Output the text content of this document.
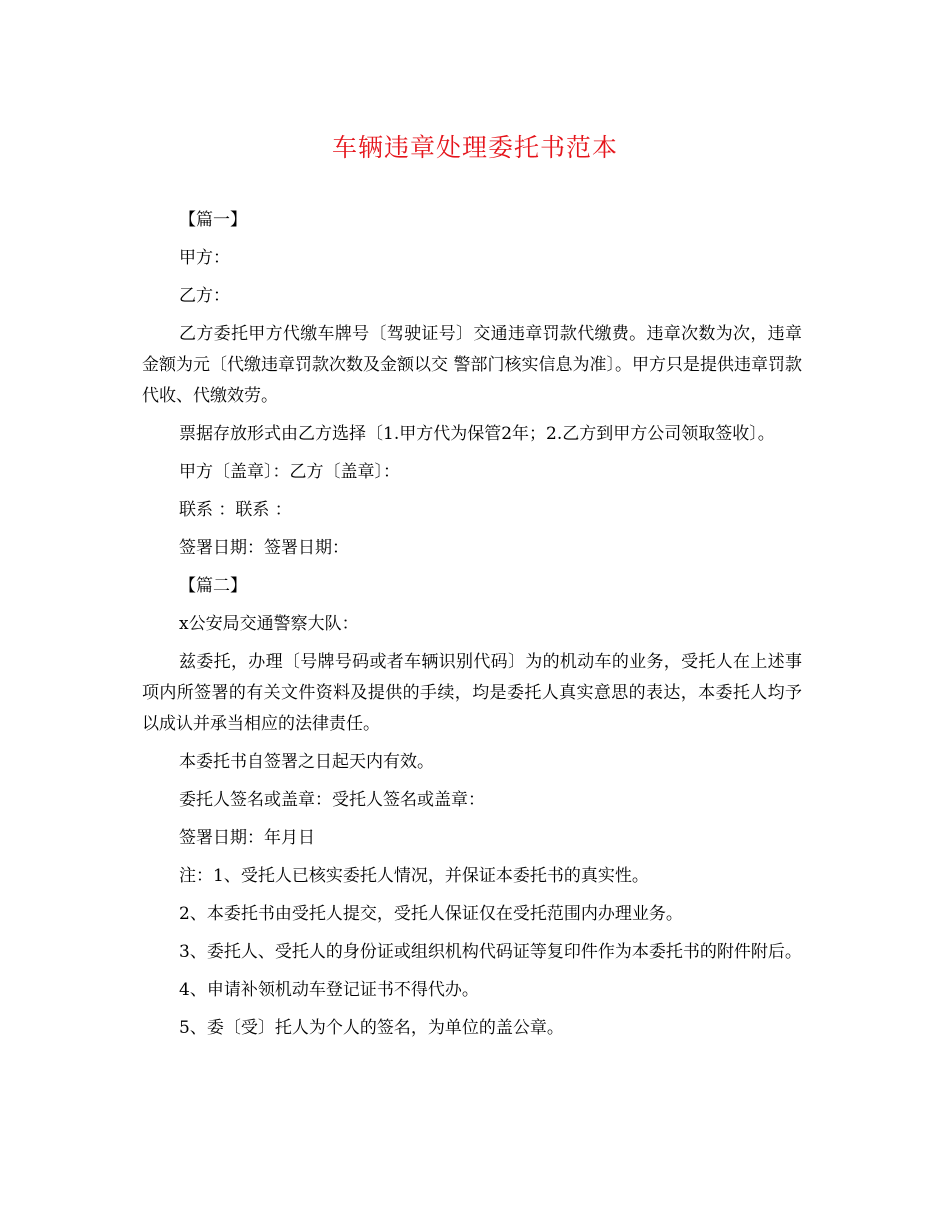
车辆违章处理委托书范本

【篇一】

甲方：

乙方：

乙方委托甲方代缴车牌号〔驾驶证号〕交通违章罚款代缴费。违章次数为次，违章金额为元〔代缴违章罚款次数及金额以交 警部门核实信息为准〕。甲方只是提供违章罚款代收、代缴效劳。

票据存放形式由乙方选择〔1.甲方代为保管2年；2.乙方到甲方公司领取签收〕。

甲方〔盖章〕：乙方〔盖章〕：

联系 ：联系 ：

签署日期：签署日期：

【篇二】

x公安局交通警察大队：

兹委托，办理〔号牌号码或者车辆识别代码〕为的机动车的业务，受托人在上述事项内所签署的有关文件资料及提供的手续，均是委托人真实意思的表达，本委托人均予以成认并承当相应的法律责任。

本委托书自签署之日起天内有效。

委托人签名或盖章：受托人签名或盖章：

签署日期：年月日

注：1、受托人已核实委托人情况，并保证本委托书的真实性。

2、本委托书由受托人提交，受托人保证仅在受托范围内办理业务。

3、委托人、受托人的身份证或组织机构代码证等复印件作为本委托书的附件附后。

4、申请补领机动车登记证书不得代办。

5、委〔受〕托人为个人的签名，为单位的盖公章。
